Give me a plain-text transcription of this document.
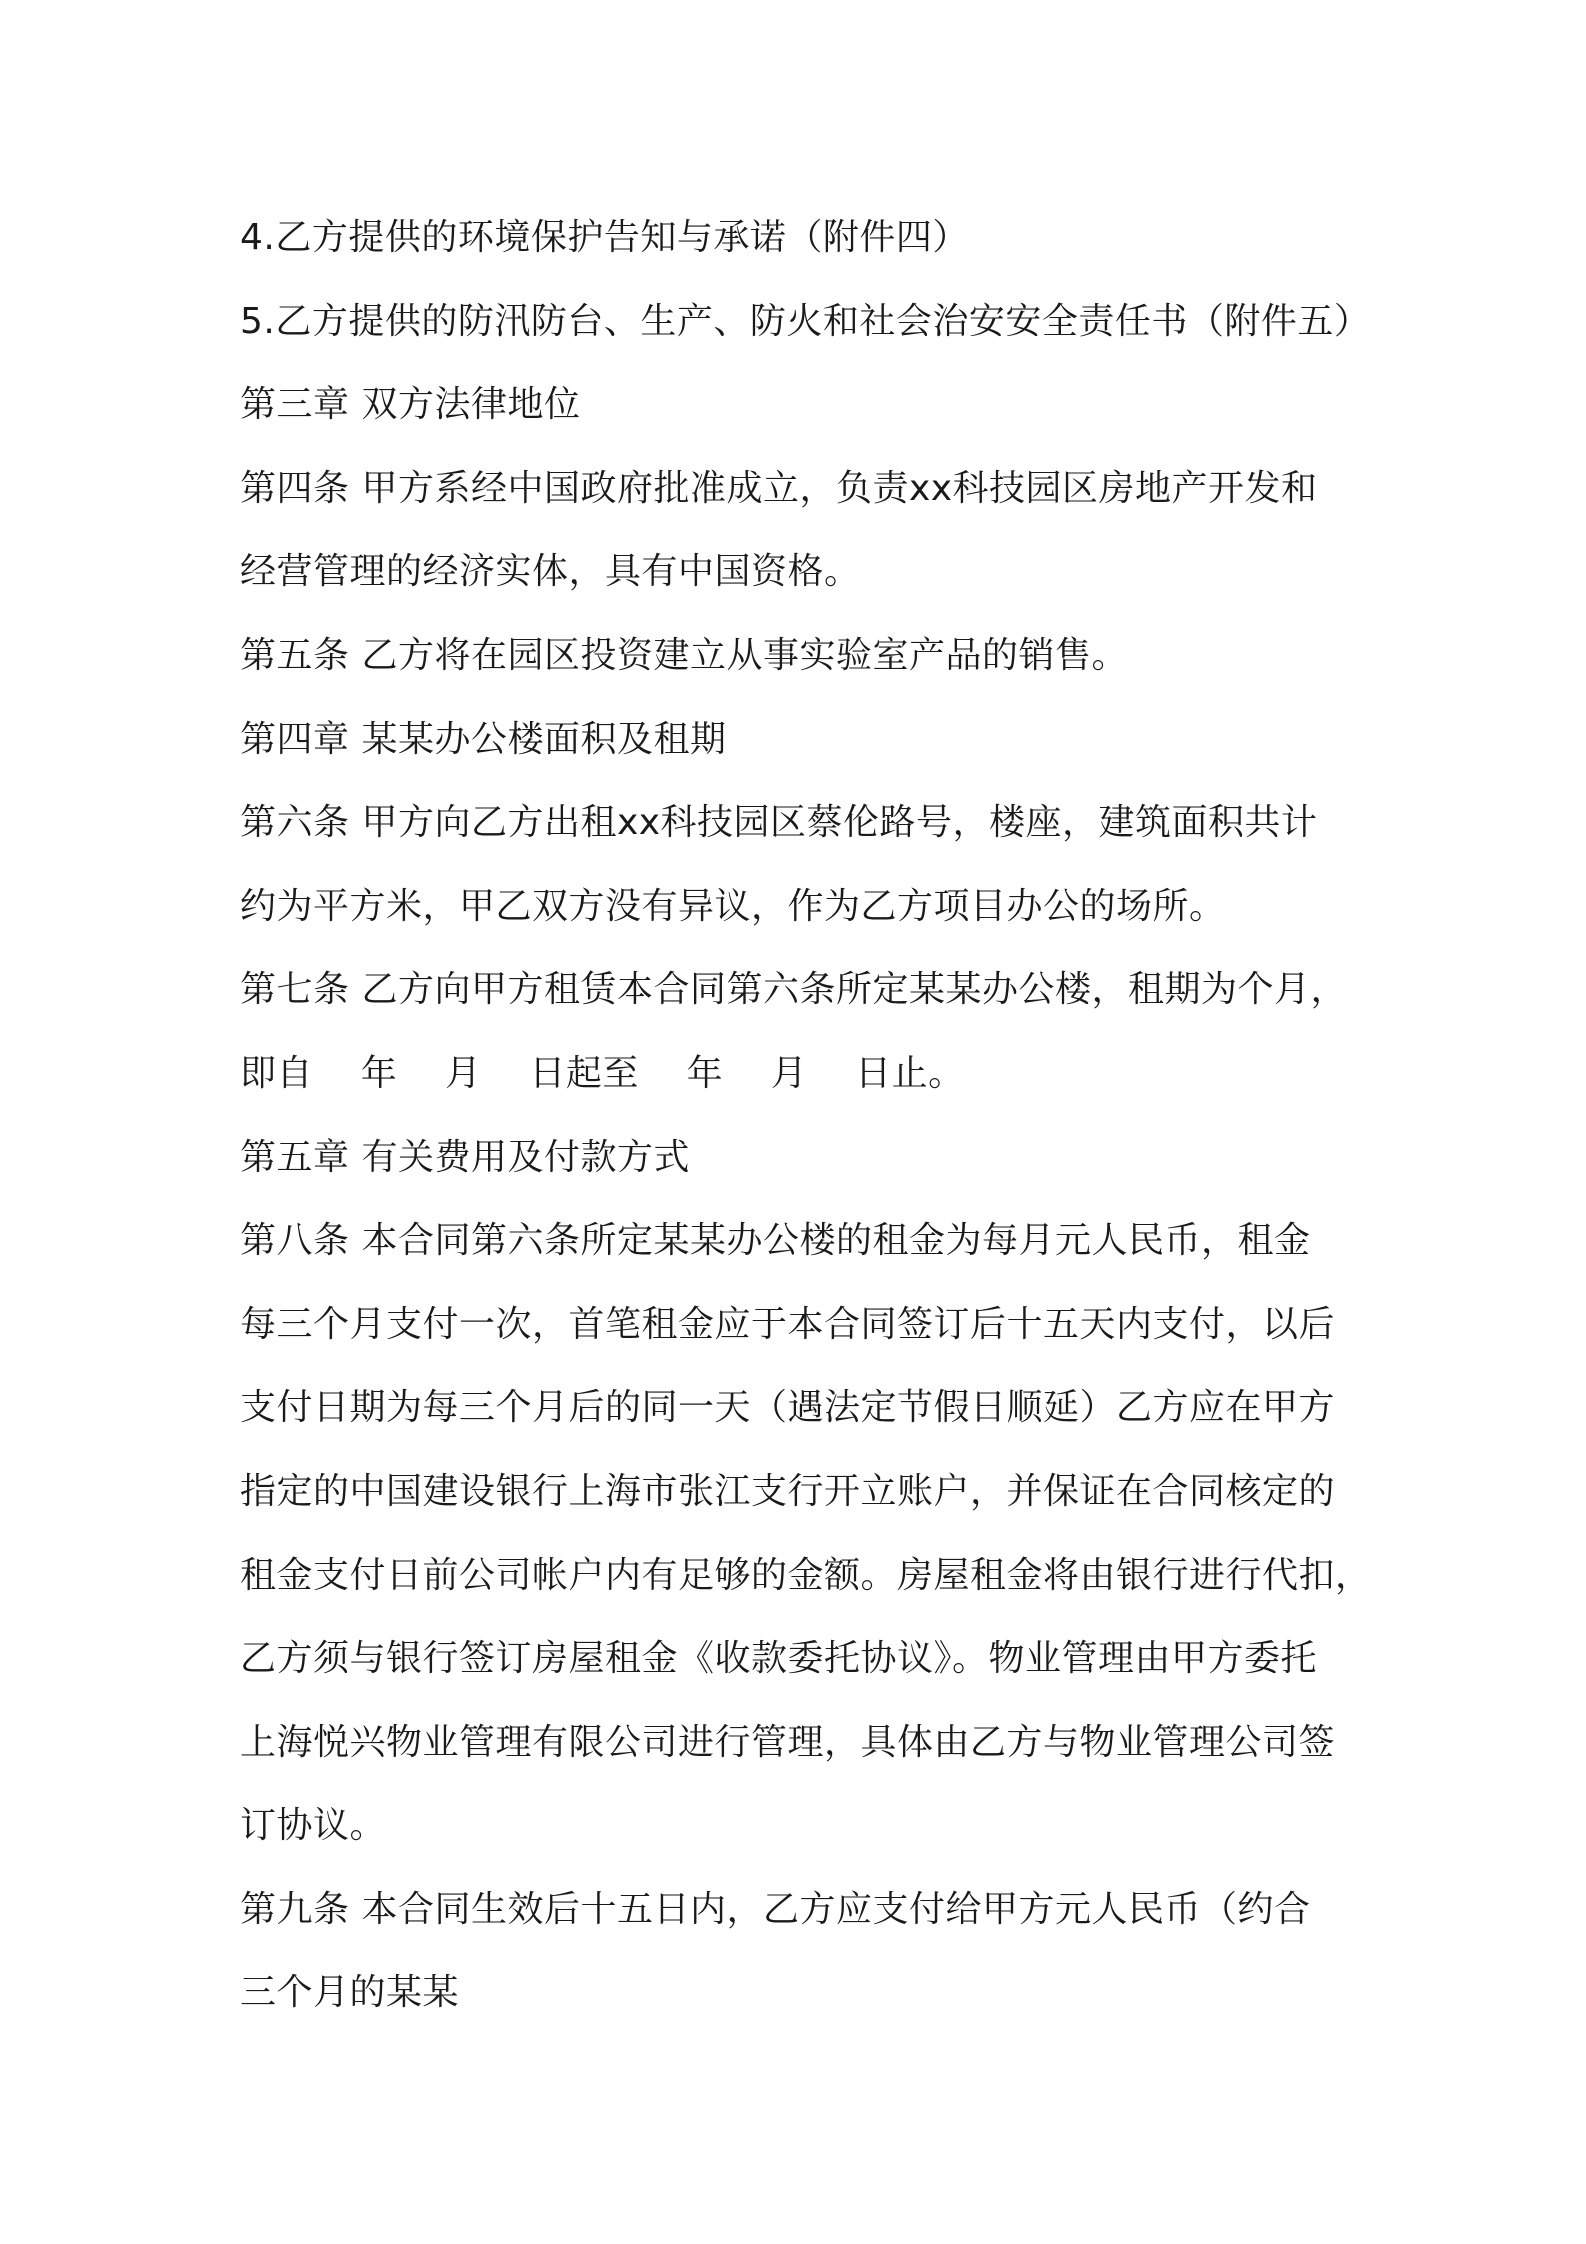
4.乙方提供的环境保护告知与承诺（附件四）
5.乙方提供的防汛防台、生产、防火和社会治安安全责任书（附件五）
第三章 双方法律地位
第四条 甲方系经中国政府批准成立，负责xx科技园区房地产开发和
经营管理的经济实体，具有中国资格。
第五条 乙方将在园区投资建立从事实验室产品的销售。
第四章 某某办公楼面积及租期
第六条 甲方向乙方出租xx科技园区蔡伦路号，楼座，建筑面积共计
约为平方米，甲乙双方没有异议，作为乙方项目办公的场所。
第七条 乙方向甲方租赁本合同第六条所定某某办公楼，租期为个月，
即自    年    月    日起至    年    月    日止。
第五章 有关费用及付款方式
第八条 本合同第六条所定某某办公楼的租金为每月元人民币，租金
每三个月支付一次，首笔租金应于本合同签订后十五天内支付，以后
支付日期为每三个月后的同一天（遇法定节假日顺延）乙方应在甲方
指定的中国建设银行上海市张江支行开立账户，并保证在合同核定的
租金支付日前公司帐户内有足够的金额。房屋租金将由银行进行代扣，
乙方须与银行签订房屋租金《收款委托协议》。物业管理由甲方委托
上海悦兴物业管理有限公司进行管理，具体由乙方与物业管理公司签
订协议。
第九条 本合同生效后十五日内，乙方应支付给甲方元人民币（约合
三个月的某某
